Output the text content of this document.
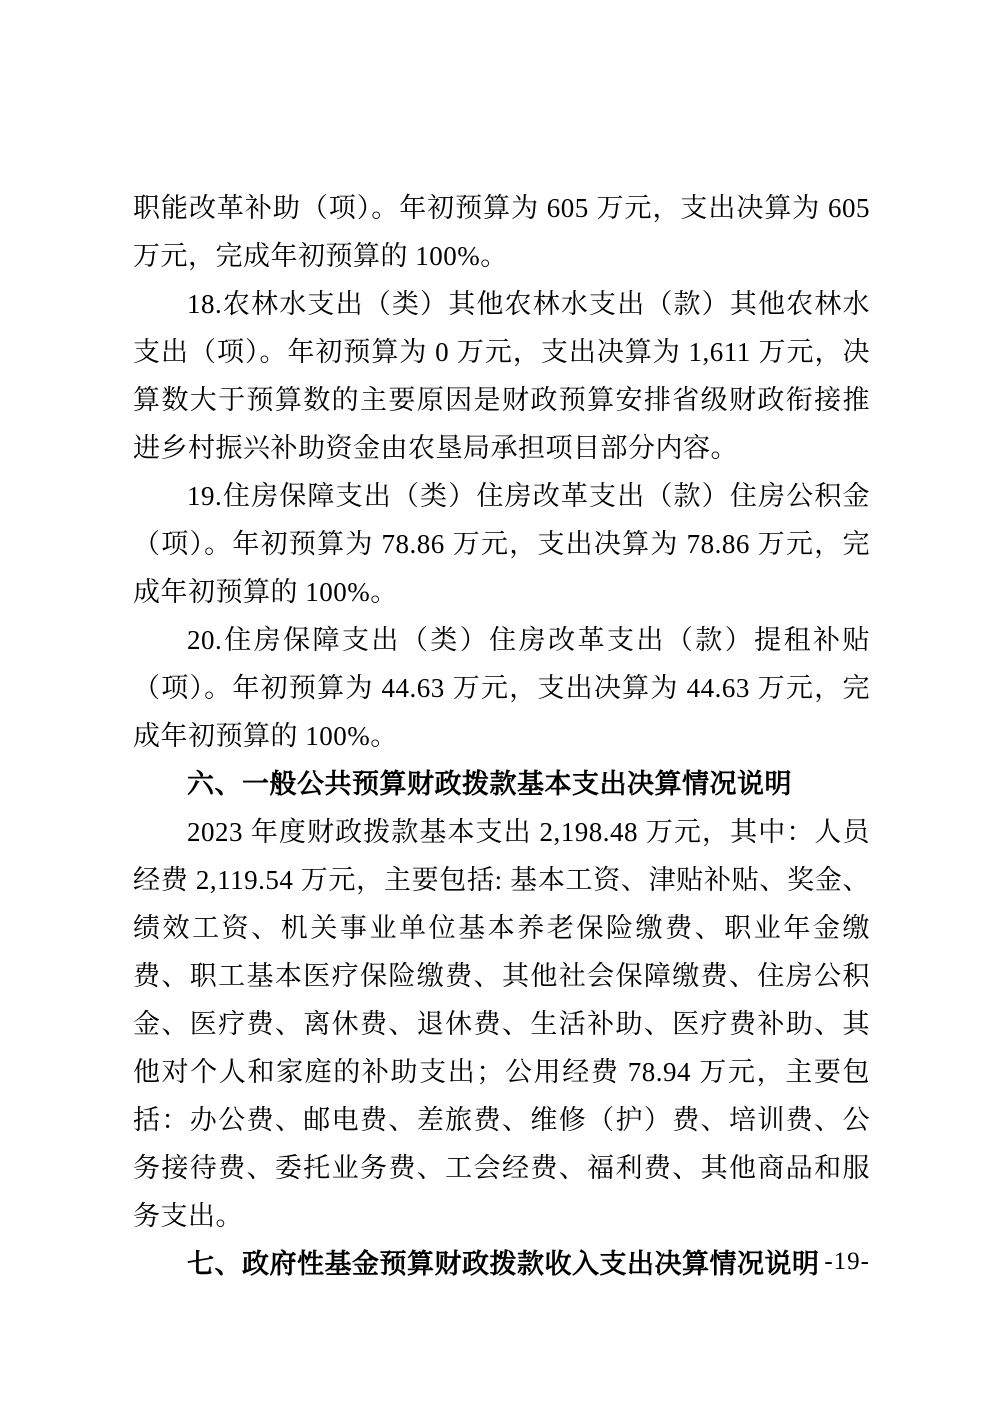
职能改革补助（项）。年初预算为 605 万元，支出决算为 605 万元，完成年初预算的 100%。

18.农林水支出（类）其他农林水支出（款）其他农林水支出（项）。年初预算为 0 万元，支出决算为 1,611 万元，决算数大于预算数的主要原因是财政预算安排省级财政衔接推进乡村振兴补助资金由农垦局承担项目部分内容。

19.住房保障支出（类）住房改革支出（款）住房公积金（项）。年初预算为 78.86 万元，支出决算为 78.86 万元，完成年初预算的 100%。

20.住房保障支出（类）住房改革支出（款）提租补贴（项）。年初预算为 44.63 万元，支出决算为 44.63 万元，完成年初预算的 100%。

六、一般公共预算财政拨款基本支出决算情况说明

2023 年度财政拨款基本支出 2,198.48 万元，其中：人员经费 2,119.54 万元，主要包括: 基本工资、津贴补贴、奖金、绩效工资、机关事业单位基本养老保险缴费、职业年金缴费、职工基本医疗保险缴费、其他社会保障缴费、住房公积金、医疗费、离休费、退休费、生活补助、医疗费补助、其他对个人和家庭的补助支出；公用经费 78.94 万元，主要包括：办公费、邮电费、差旅费、维修（护）费、培训费、公务接待费、委托业务费、工会经费、福利费、其他商品和服务支出。

七、政府性基金预算财政拨款收入支出决算情况说明 -19-
